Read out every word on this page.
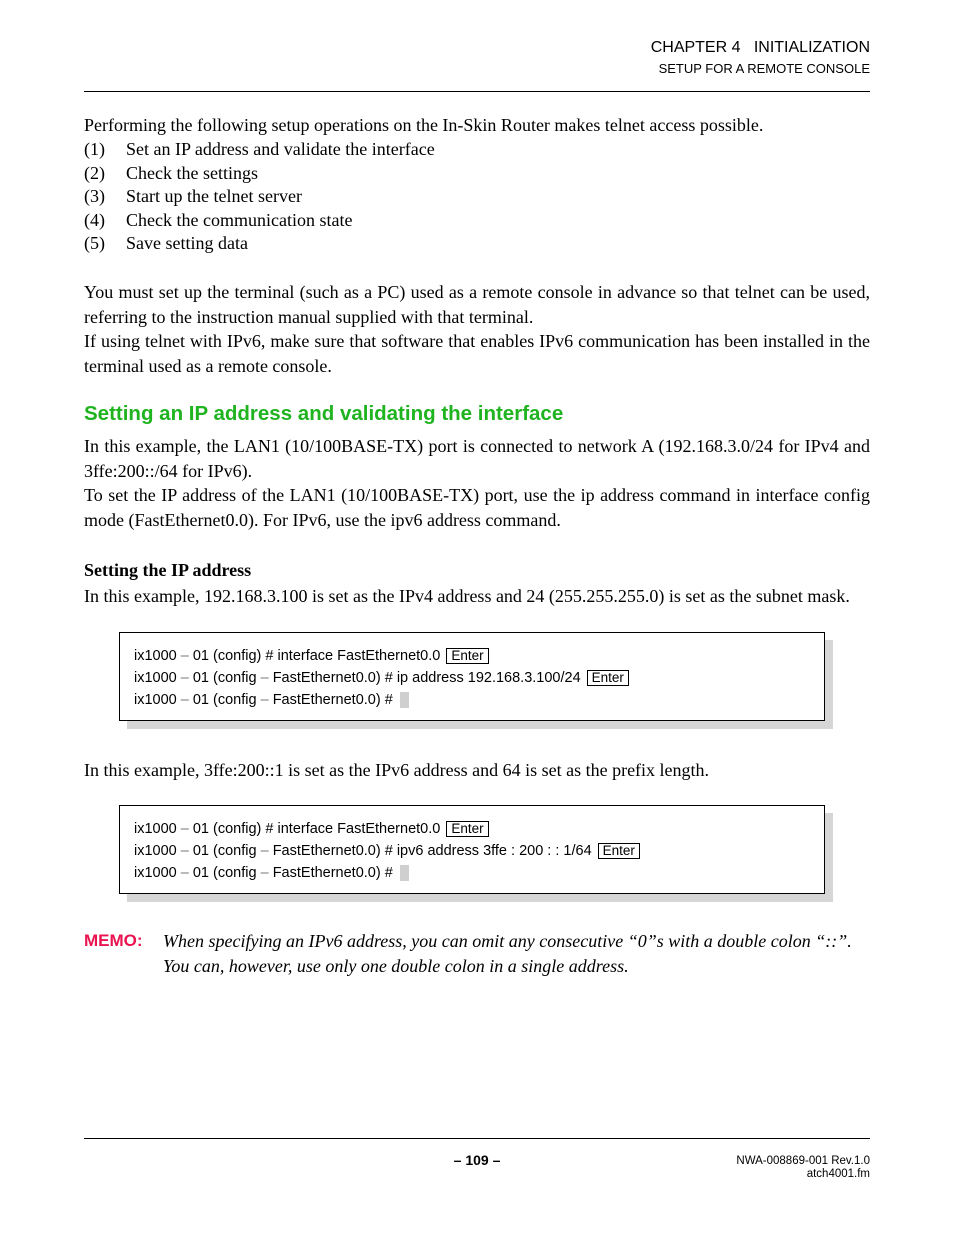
CHAPTER 4   INITIALIZATION
SETUP FOR A REMOTE CONSOLE
Performing the following setup operations on the In-Skin Router makes telnet access possible.
(1)	Set an IP address and validate the interface
(2)	Check the settings
(3)	Start up the telnet server
(4)	Check the communication state
(5)	Save setting data
You must set up the terminal (such as a PC) used as a remote console in advance so that telnet can be used, referring to the instruction manual supplied with that terminal.
If using telnet with IPv6, make sure that software that enables IPv6 communication has been installed in the terminal used as a remote console.
Setting an IP address and validating the interface
In this example, the LAN1 (10/100BASE-TX) port is connected to network A (192.168.3.0/24 for IPv4 and 3ffe:200::/64 for IPv6).
To set the IP address of the LAN1 (10/100BASE-TX) port, use the ip address command in interface config mode (FastEthernet0.0). For IPv6, use the ipv6 address command.
Setting the IP address
In this example, 192.168.3.100 is set as the IPv4 address and 24 (255.255.255.0) is set as the subnet mask.
ix1000 – 01 (config) # interface FastEthernet0.0 Enter
ix1000 – 01 (config – FastEthernet0.0) # ip address 192.168.3.100/24 Enter
ix1000 – 01 (config – FastEthernet0.0) #
In this example, 3ffe:200::1 is set as the IPv6 address and 64 is set as the prefix length.
ix1000 – 01 (config) # interface FastEthernet0.0 Enter
ix1000 – 01 (config – FastEthernet0.0) # ipv6 address 3ffe : 200 : : 1/64 Enter
ix1000 – 01 (config – FastEthernet0.0) #
MEMO: When specifying an IPv6 address, you can omit any consecutive “0”s with a double colon “::”. You can, however, use only one double colon in a single address.
– 109 –	NWA-008869-001 Rev.1.0
atch4001.fm
